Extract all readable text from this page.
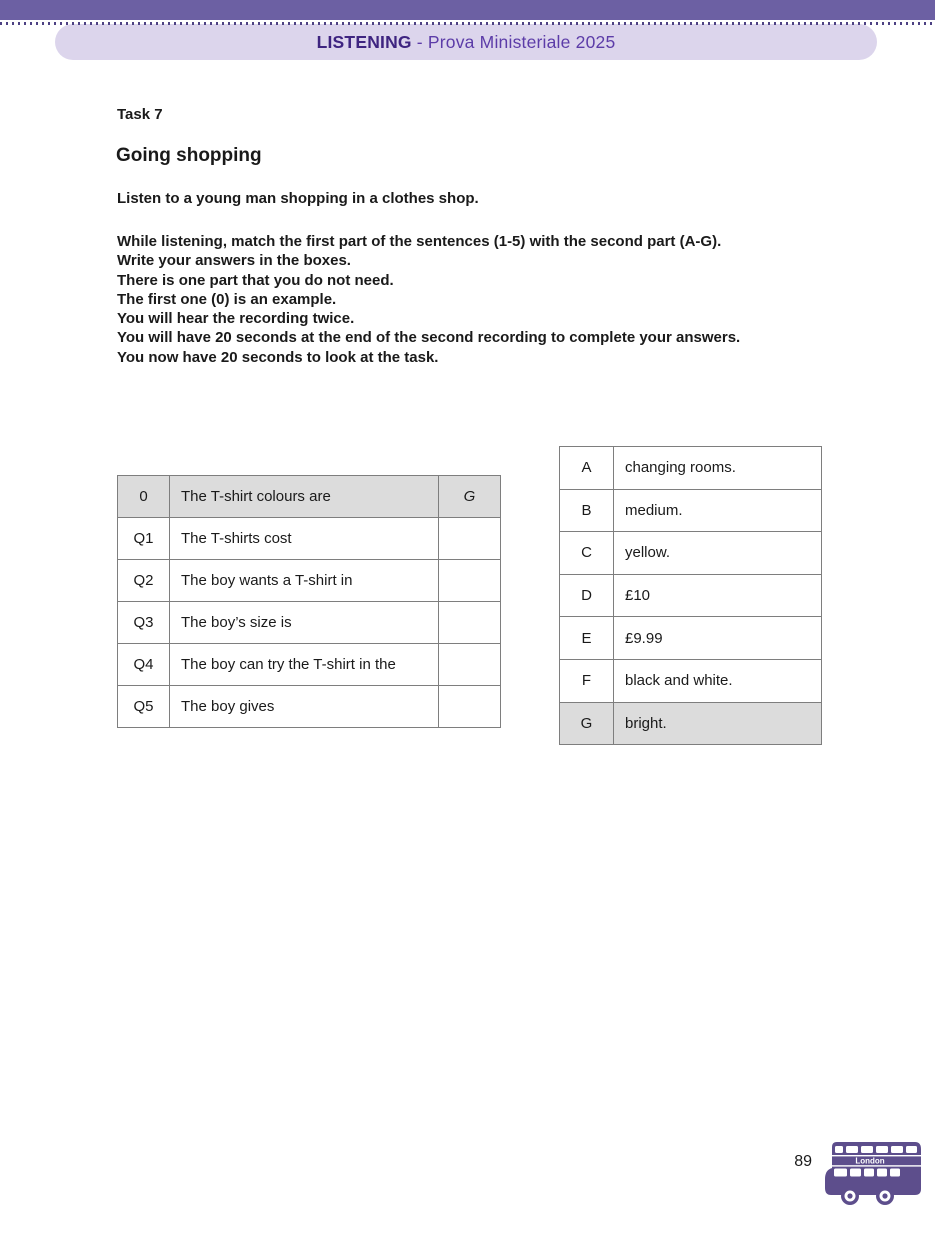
LISTENING - Prova Ministeriale 2025
Task 7
Going shopping
Listen to a young man shopping in a clothes shop.
While listening, match the first part of the sentences (1-5) with the second part (A-G).
Write your answers in the boxes.
There is one part that you do not need.
The first one (0) is an example.
You will hear the recording twice.
You will have 20 seconds at the end of the second recording to complete your answers.
You now have 20 seconds to look at the task.
0	The T-shirt colours are	G
Q1	The T-shirts cost	
Q2	The boy wants a T-shirt in	
Q3	The boy’s size is	
Q4	The boy can try the T-shirt in the	
Q5	The boy gives	
A	changing rooms.
B	medium.
C	yellow.
D	£10
E	£9.99
F	black and white.
G	bright.
89	London
